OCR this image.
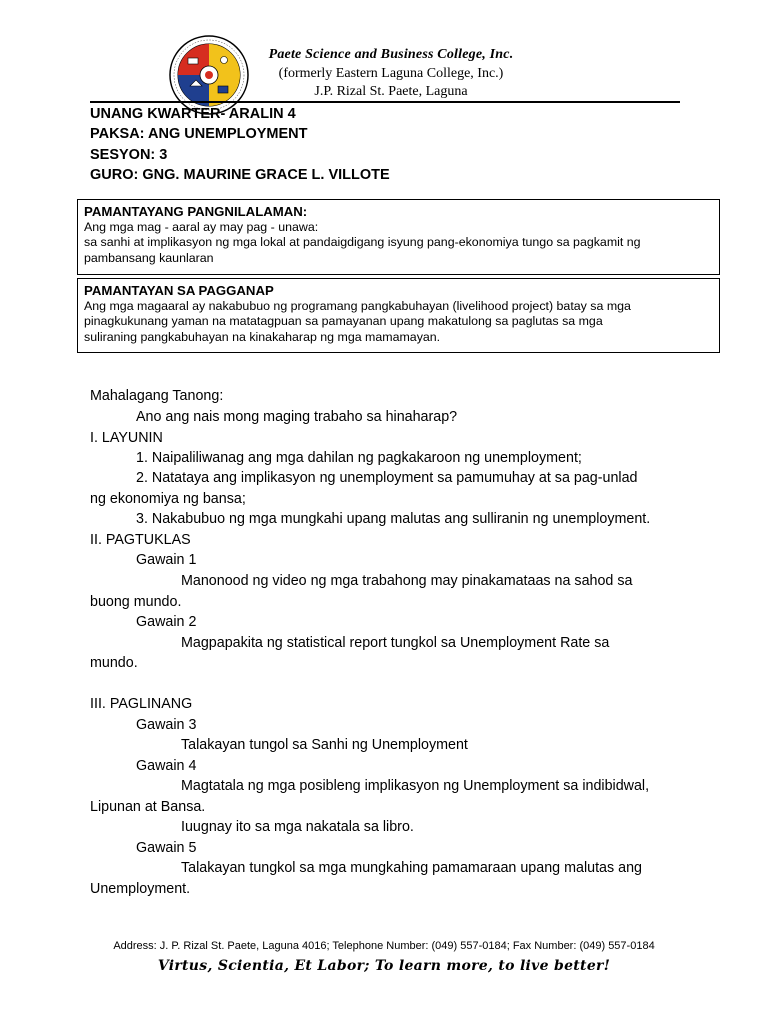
Paete Science and Business College, Inc.
(formerly Eastern Laguna College, Inc.)
J.P. Rizal St. Paete, Laguna
UNANG KWARTER- ARALIN 4
PAKSA: ANG UNEMPLOYMENT
SESYON: 3
GURO: GNG. MAURINE GRACE L. VILLOTE
PAMANTAYANG PANGNILALAMAN:
Ang mga mag - aaral ay may pag - unawa:
sa sanhi at implikasyon ng mga lokal at pandaigdigang isyung pang-ekonomiya tungo sa pagkamit ng
pambansang kaunlaran
PAMANTAYAN SA PAGGANAP
Ang mga magaaral ay nakabubuo ng programang pangkabuhayan (livelihood project) batay sa mga
pinagkukunang yaman na matatagpuan sa pamayanan upang makatulong sa paglutas sa mga
suliraning pangkabuhayan na kinakaharap ng mga mamamayan.
Mahalagang Tanong:
Ano ang nais mong maging trabaho sa hinaharap?
I. LAYUNIN
1. Naipaliliwanag ang mga dahilan ng pagkakaroon ng unemployment;
2. Natataya ang implikasyon ng unemployment sa pamumuhay at sa pag-unlad
ng ekonomiya ng bansa;
3. Nakabubuo ng mga mungkahi upang malutas ang sulliranin ng unemployment.
II. PAGTUKLAS
Gawain 1
Manonood ng video ng mga trabahong may pinakamataas na sahod sa
buong mundo.
Gawain 2
Magpapakita ng statistical report tungkol sa Unemployment Rate sa
mundo.
III. PAGLINANG
Gawain 3
Talakayan tungol sa Sanhi ng Unemployment
Gawain 4
Magtatala ng mga posibleng implikasyon ng Unemployment sa indibidwal,
Lipunan at Bansa.
Iuugnay ito sa mga nakatala sa libro.
Gawain 5
Talakayan tungkol sa mga mungkahing pamamaraan upang malutas ang
Unemployment.
Address: J. P. Rizal St. Paete, Laguna 4016; Telephone Number: (049) 557-0184; Fax Number: (049) 557-0184
Virtus, Scientia, Et Labor; To learn more, to live better!
